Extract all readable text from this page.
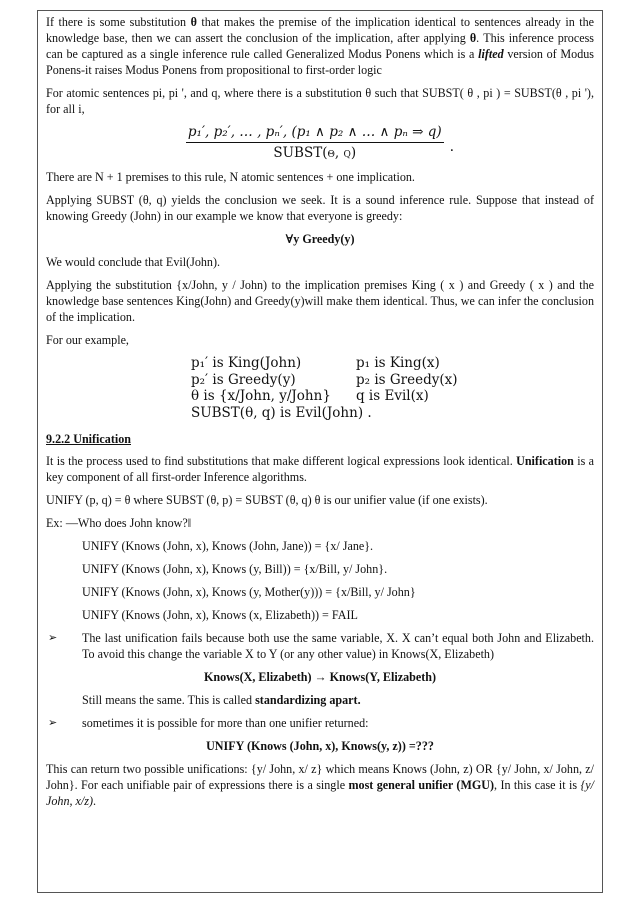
If there is some substitution θ that makes the premise of the implication identical to sentences already in the knowledge base, then we can assert the conclusion of the implication, after applying θ. This inference process can be captured as a single inference rule called Generalized Modus Ponens which is a lifted version of Modus Ponens-it raises Modus Ponens from propositional to first-order logic

For atomic sentences pi, pi ', and q, where there is a substitution θ such that SUBST( θ , pi ) = SUBST(θ , pi '), for all i,

$\frac{\text{p₁′, p₂′, … , pₙ′, (p₁ ∧ p₂ ∧ … ∧ pₙ ⇒ q)}}{\text{SUBST(θ, q)}}$ .

There are N + 1 premises to this rule, N atomic sentences + one implication.

Applying SUBST (θ, q) yields the conclusion we seek. It is a sound inference rule. Suppose that instead of knowing Greedy (John) in our example we know that everyone is greedy:

∀y Greedy(y)

We would conclude that Evil(John).

Applying the substitution {x/John, y / John) to the implication premises King ( x ) and Greedy ( x ) and the knowledge base sentences King(John) and Greedy(y)will make them identical. Thus, we can infer the conclusion of the implication.

For our example,

p₁′ is King(John)	p₁ is King(x)
p₂′ is Greedy(y)	p₂ is Greedy(x)
θ is {x/John, y/John}	q is Evil(x)
SUBST(θ, q) is Evil(John) .
9.2.2 Unification

It is the process used to find substitutions that make different logical expressions look identical. Unification is a key component of all first-order Inference algorithms.

UNIFY (p, q) = θ where SUBST (θ, p) = SUBST (θ, q) θ is our unifier value (if one exists).

Ex: ―Who does John know?‖

UNIFY (Knows (John, x), Knows (John, Jane)) = {x/ Jane}.

UNIFY (Knows (John, x), Knows (y, Bill)) = {x/Bill, y/ John}.

UNIFY (Knows (John, x), Knows (y, Mother(y))) = {x/Bill, y/ John}

UNIFY (Knows (John, x), Knows (x, Elizabeth)) = FAIL

➢	The last unification fails because both use the same variable, X. X can’t equal both John and Elizabeth. To avoid this change the variable X to Y (or any other value) in Knows(X, Elizabeth)

Knows(X, Elizabeth) → Knows(Y, Elizabeth)

Still means the same. This is called standardizing apart.

➢	sometimes it is possible for more than one unifier returned:

UNIFY (Knows (John, x), Knows(y, z)) =???

This can return two possible unifications: {y/ John, x/ z} which means Knows (John, z) OR {y/ John, x/ John, z/ John}. For each unifiable pair of expressions there is a single most general unifier (MGU), In this case it is {y/ John, x/z).
